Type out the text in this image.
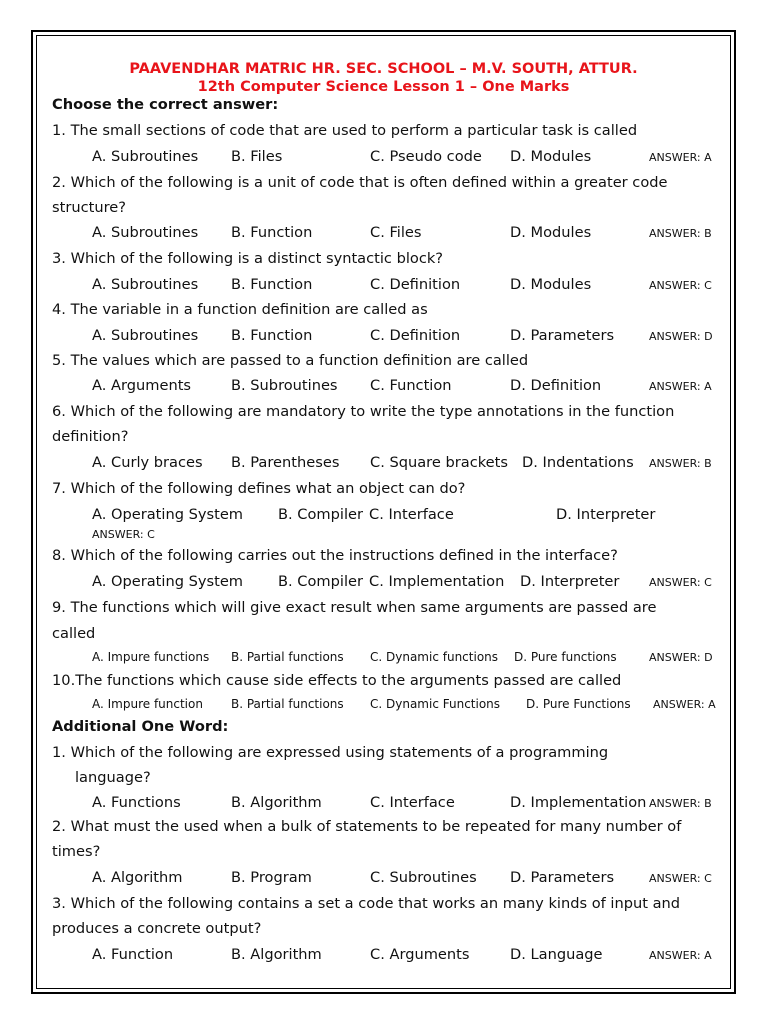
PAAVENDHAR MATRIC HR. SEC. SCHOOL – M.V. SOUTH, ATTUR.
12th Computer Science Lesson 1 – One Marks
Choose the correct answer:
1. The small sections of code that are used to perform a particular task is called
A. Subroutines B. Files	C. Pseudo code D. Modules	ANSWER: A
2. Which of the following is a unit of code that is often defined within a greater code
structure?
A. Subroutines B. Function	C. Files	D. Modules	ANSWER: B
3. Which of the following is a distinct syntactic block?
A. Subroutines B. Function	C. Definition	D. Modules	ANSWER: C
4. The variable in a function definition are called as
A. Subroutines B. Function	C. Definition	D. Parameters	ANSWER: D
5. The values which are passed to a function definition are called
A. Arguments	B. Subroutines C. Function	D. Definition	ANSWER: A
6. Which of the following are mandatory to write the type annotations in the function
definition?
A. Curly braces B. Parentheses C. Square brackets D. Indentations ANSWER: B
7. Which of the following defines what an object can do?
A. Operating System B. Compiler C. Interface	D. Interpreter
ANSWER: C
8. Which of the following carries out the instructions defined in the interface?
A. Operating System B. Compiler C. Implementation D. Interpreter	ANSWER: C
9. The functions which will give exact result when same arguments are passed are
called
A. Impure functions B. Partial functions C. Dynamic functions D. Pure functions	ANSWER: D
10.The functions which cause side effects to the arguments passed are called
A. Impure function B. Partial functions C. Dynamic Functions D. Pure Functions ANSWER: A
Additional One Word:
1. Which of the following are expressed using statements of a programming
language?
A. Functions	B. Algorithm	C. Interface	D. Implementation ANSWER: B
2. What must the used when a bulk of statements to be repeated for many number of
times?
A. Algorithm	B. Program	C. Subroutines D. Parameters	ANSWER: C
3. Which of the following contains a set a code that works an many kinds of input and
produces a concrete output?
A. Function	B. Algorithm	C. Arguments	D. Language	ANSWER: A
